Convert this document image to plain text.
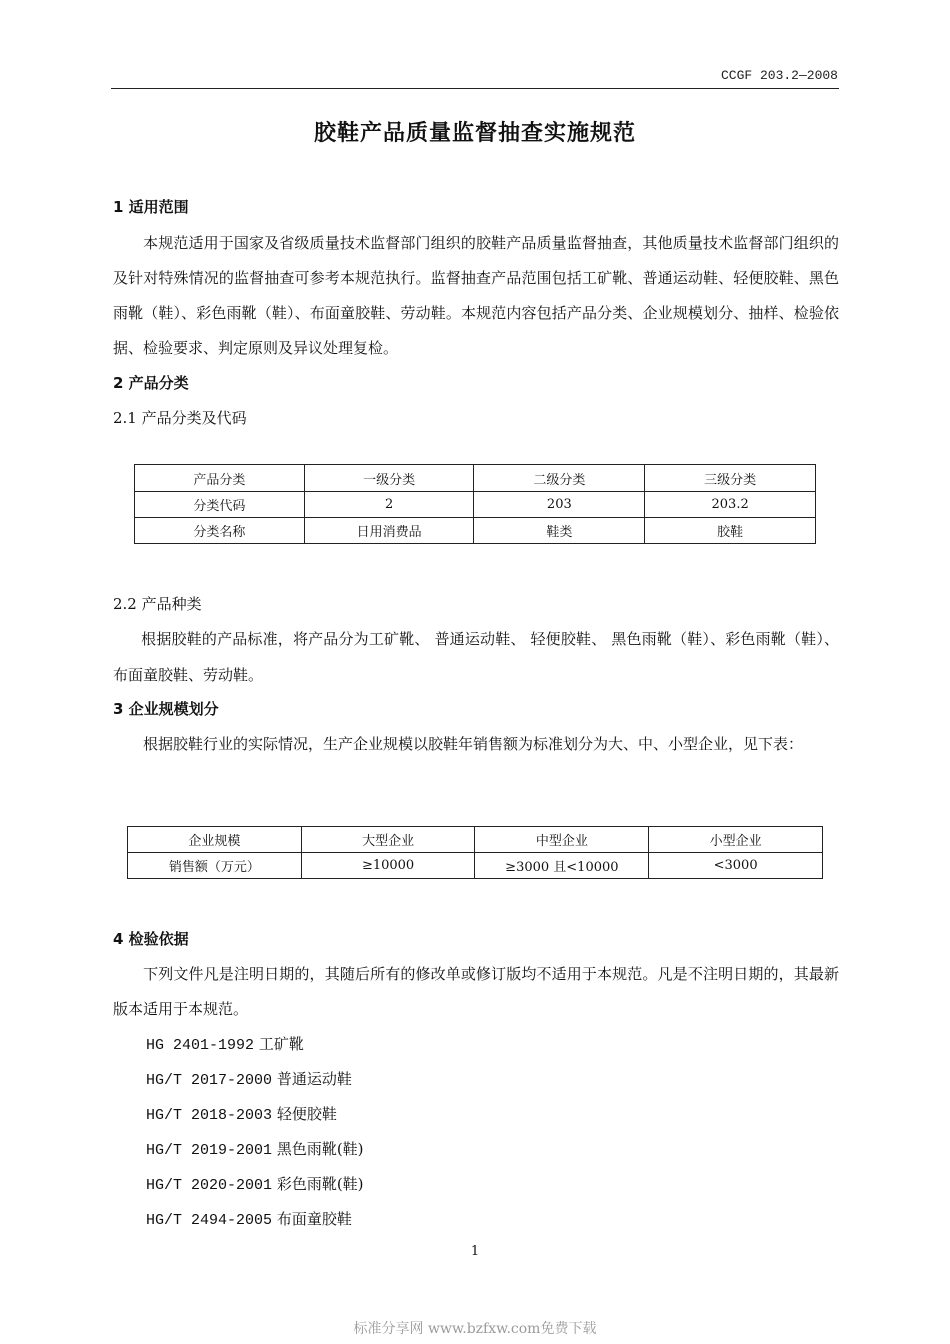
CCGF 203.2—2008
胶鞋产品质量监督抽查实施规范
1 适用范围
本规范适用于国家及省级质量技术监督部门组织的胶鞋产品质量监督抽查，其他质量技术监督部门组织的及针对特殊情况的监督抽查可参考本规范执行。监督抽查产品范围包括工矿靴、普通运动鞋、轻便胶鞋、黑色雨靴（鞋）、彩色雨靴（鞋）、布面童胶鞋、劳动鞋。本规范内容包括产品分类、企业规模划分、抽样、检验依据、检验要求、判定原则及异议处理复检。
2 产品分类
2.1 产品分类及代码
产品分类	一级分类	二级分类	三级分类
分类代码	2	203	203.2
分类名称	日用消费品	鞋类	胶鞋
2.2 产品种类
根据胶鞋的产品标准，将产品分为工矿靴、 普通运动鞋、 轻便胶鞋、 黑色雨靴（鞋）、彩色雨靴（鞋）、布面童胶鞋、劳动鞋。
3 企业规模划分
根据胶鞋行业的实际情况，生产企业规模以胶鞋年销售额为标准划分为大、中、小型企业，见下表：
企业规模	大型企业	中型企业	小型企业
销售额（万元）	≥10000	≥3000 且<10000	<3000
4 检验依据
下列文件凡是注明日期的，其随后所有的修改单或修订版均不适用于本规范。凡是不注明日期的，其最新版本适用于本规范。
HG 2401-1992 工矿靴
HG/T 2017-2000 普通运动鞋
HG/T 2018-2003 轻便胶鞋
HG/T 2019-2001 黑色雨靴(鞋)
HG/T 2020-2001 彩色雨靴(鞋)
HG/T 2494-2005 布面童胶鞋
1
标准分享网 www.bzfxw.com免费下载
